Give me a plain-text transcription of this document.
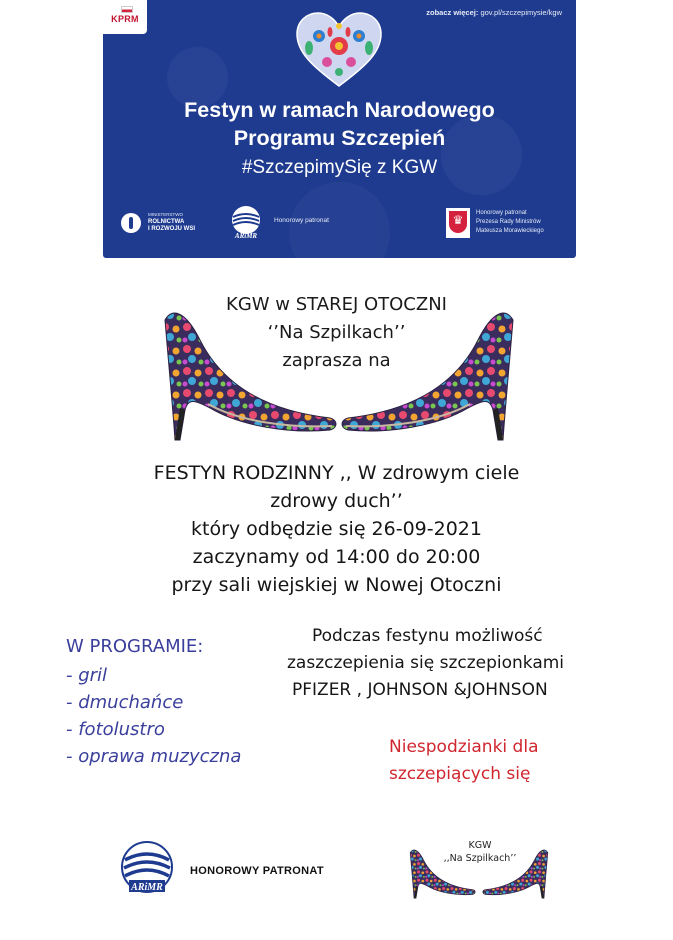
KPRM
zobacz więcej: gov.pl/szczepimysie/kgw
Festyn w ramach Narodowego
Programu Szczepień
#SzczepimySię z KGW
MINISTERSTWO
ROLNICTWA
I ROZWOJU WSI
ARiMR
Honorowy patronat	♛	Honorowy patronat
Prezesa Rady Ministrów
Mateusza Morawieckiego
KGW w STAREJ OTOCZNI
‘’Na Szpilkach’’
zaprasza na
FESTYN RODZINNY ,, W zdrowym ciele
zdrowy duch’’
który odbędzie się 26-09-2021
zaczynamy od 14:00 do 20:00
przy sali wiejskiej w Nowej Otoczni
W PROGRAMIE:
- gril
- dmuchańce
- fotolustro
- oprawa muzyczna
Podczas festynu możliwość
zaszczepienia się szczepionkami
PFIZER , JOHNSON &JOHNSON
Niespodzianki dla
szczepiących się
ARiMR
HONOROWY PATRONAT
KGW
,,Na Szpilkach’’
